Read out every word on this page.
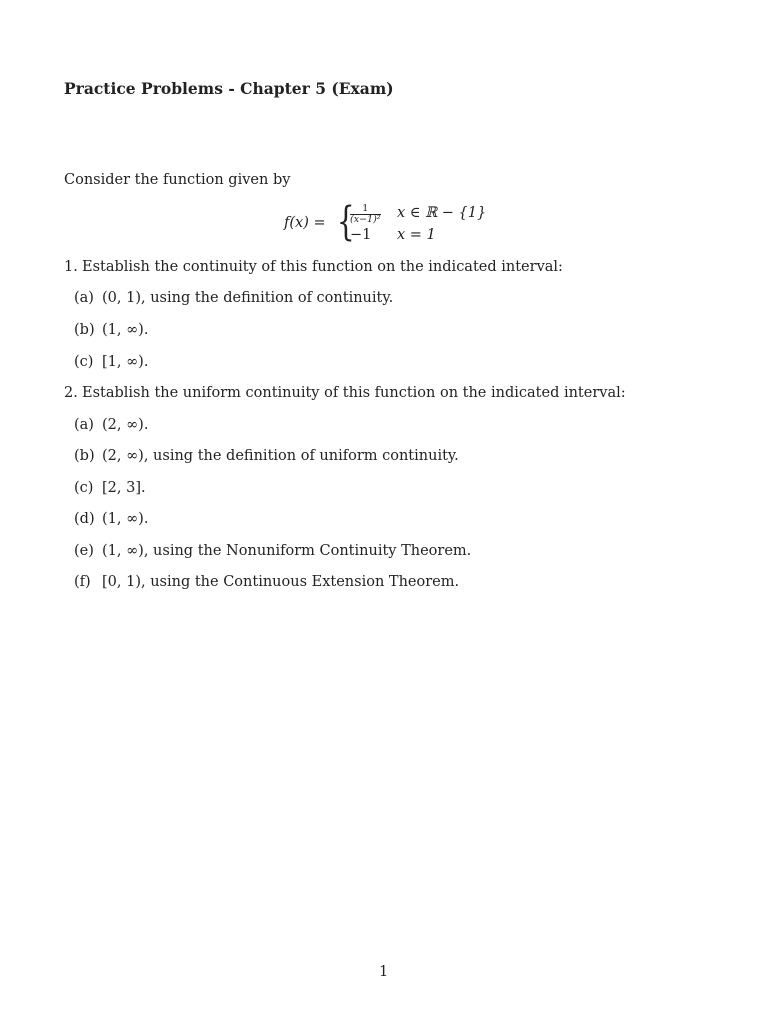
Practice Problems - Chapter 5 (Exam)
Consider the function given by
f(x) = {
$\frac{1}{\text{(x−1)²}}$ x ∈ ℝ − {1}
−1 x = 1
1. Establish the continuity of this function on the indicated interval:
(a) (0, 1), using the definition of continuity.
(b) (1, ∞).
(c) [1, ∞).
2. Establish the uniform continuity of this function on the indicated interval:
(a) (2, ∞).
(b) (2, ∞), using the definition of uniform continuity.
(c) [2, 3].
(d) (1, ∞).
(e) (1, ∞), using the Nonuniform Continuity Theorem.
(f) [0, 1), using the Continuous Extension Theorem.
1
